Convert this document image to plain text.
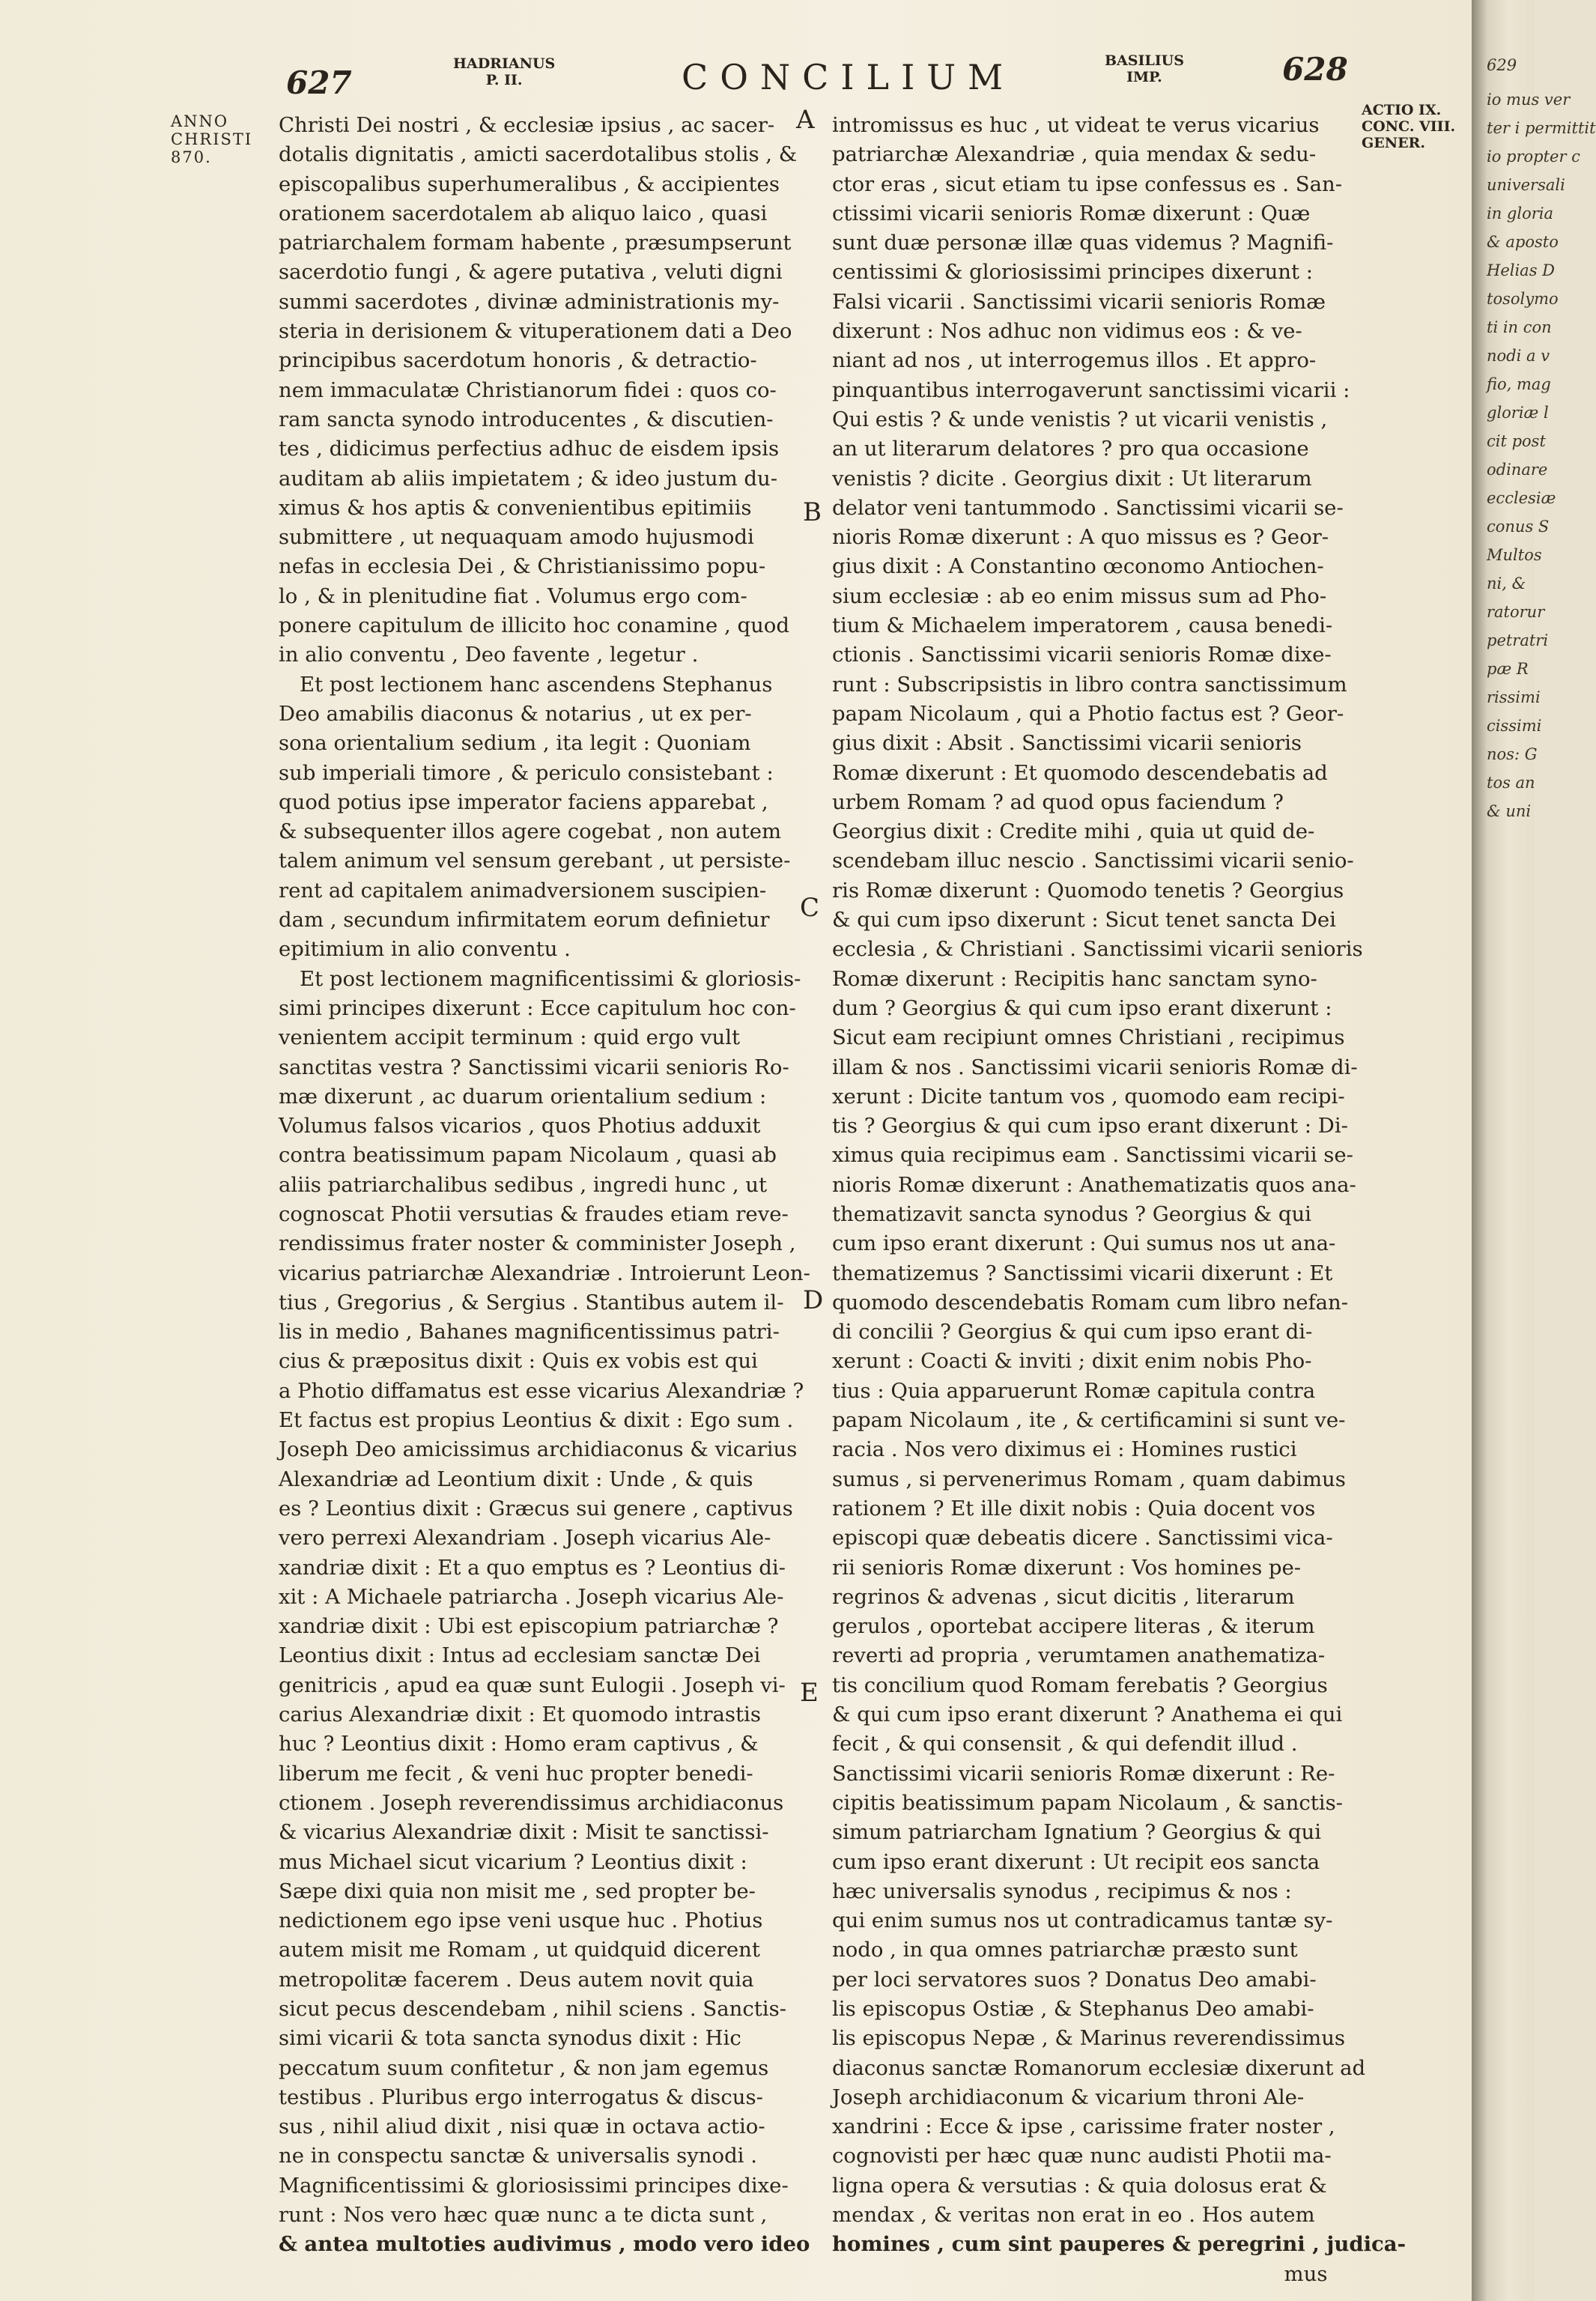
627
HADRIANUS
P. II.	CONCILIUM	BASILIUS
IMP.	628
ANNO
CHRISTI
870.
ACTIO IX.
CONC. VIII.
GENER.
A
B
C
D
E

Christi Dei nostri , & ecclesiæ ipsius , ac sacer-

dotalis dignitatis , amicti sacerdotalibus stolis , &

episcopalibus superhumeralibus , & accipientes

orationem sacerdotalem ab aliquo laico , quasi

patriarchalem formam habente , præsumpserunt

sacerdotio fungi , & agere putativa , veluti digni

summi sacerdotes , divinæ administrationis my-

steria in derisionem & vituperationem dati a Deo

principibus sacerdotum honoris , & detractio-

nem immaculatæ Christianorum fidei : quos co-

ram sancta synodo introducentes , & discutien-

tes , didicimus perfectius adhuc de eisdem ipsis

auditam ab aliis impietatem ; & ideo justum du-

ximus & hos aptis & convenientibus epitimiis

submittere , ut nequaquam amodo hujusmodi

nefas in ecclesia Dei , & Christianissimo popu-

lo , & in plenitudine fiat . Volumus ergo com-

ponere capitulum de illicito hoc conamine , quod

in alio conventu , Deo favente , legetur .

Et post lectionem hanc ascendens Stephanus

Deo amabilis diaconus & notarius , ut ex per-

sona orientalium sedium , ita legit : Quoniam

sub imperiali timore , & periculo consistebant :

quod potius ipse imperator faciens apparebat ,

& subsequenter illos agere cogebat , non autem

talem animum vel sensum gerebant , ut persiste-

rent ad capitalem animadversionem suscipien-

dam , secundum infirmitatem eorum definietur

epitimium in alio conventu .

Et post lectionem magnificentissimi & gloriosis-

simi principes dixerunt : Ecce capitulum hoc con-

venientem accipit terminum : quid ergo vult

sanctitas vestra ? Sanctissimi vicarii senioris Ro-

mæ dixerunt , ac duarum orientalium sedium :

Volumus falsos vicarios , quos Photius adduxit

contra beatissimum papam Nicolaum , quasi ab

aliis patriarchalibus sedibus , ingredi hunc , ut

cognoscat Photii versutias & fraudes etiam reve-

rendissimus frater noster & comminister Joseph ,

vicarius patriarchæ Alexandriæ . Introierunt Leon-

tius , Gregorius , & Sergius . Stantibus autem il-

lis in medio , Bahanes magnificentissimus patri-

cius & præpositus dixit : Quis ex vobis est qui

a Photio diffamatus est esse vicarius Alexandriæ ?

Et factus est propius Leontius & dixit : Ego sum .

Joseph Deo amicissimus archidiaconus & vicarius

Alexandriæ ad Leontium dixit : Unde , & quis

es ? Leontius dixit : Græcus sui genere , captivus

vero perrexi Alexandriam . Joseph vicarius Ale-

xandriæ dixit : Et a quo emptus es ? Leontius di-

xit : A Michaele patriarcha . Joseph vicarius Ale-

xandriæ dixit : Ubi est episcopium patriarchæ ?

Leontius dixit : Intus ad ecclesiam sanctæ Dei

genitricis , apud ea quæ sunt Eulogii . Joseph vi-

carius Alexandriæ dixit : Et quomodo intrastis

huc ? Leontius dixit : Homo eram captivus , &

liberum me fecit , & veni huc propter benedi-

ctionem . Joseph reverendissimus archidiaconus

& vicarius Alexandriæ dixit : Misit te sanctissi-

mus Michael sicut vicarium ? Leontius dixit :

Sæpe dixi quia non misit me , sed propter be-

nedictionem ego ipse veni usque huc . Photius

autem misit me Romam , ut quidquid dicerent

metropolitæ facerem . Deus autem novit quia

sicut pecus descendebam , nihil sciens . Sanctis-

simi vicarii & tota sancta synodus dixit : Hic

peccatum suum confitetur , & non jam egemus

testibus . Pluribus ergo interrogatus & discus-

sus , nihil aliud dixit , nisi quæ in octava actio-

ne in conspectu sanctæ & universalis synodi .

Magnificentissimi & gloriosissimi principes dixe-

runt : Nos vero hæc quæ nunc a te dicta sunt ,

& antea multoties audivimus , modo vero ideo

intromissus es huc , ut videat te verus vicarius

patriarchæ Alexandriæ , quia mendax & sedu-

ctor eras , sicut etiam tu ipse confessus es . San-

ctissimi vicarii senioris Romæ dixerunt : Quæ

sunt duæ personæ illæ quas videmus ? Magnifi-

centissimi & gloriosissimi principes dixerunt :

Falsi vicarii . Sanctissimi vicarii senioris Romæ

dixerunt : Nos adhuc non vidimus eos : & ve-

niant ad nos , ut interrogemus illos . Et appro-

pinquantibus interrogaverunt sanctissimi vicarii :

Qui estis ? & unde venistis ? ut vicarii venistis ,

an ut literarum delatores ? pro qua occasione

venistis ? dicite . Georgius dixit : Ut literarum

delator veni tantummodo . Sanctissimi vicarii se-

nioris Romæ dixerunt : A quo missus es ? Geor-

gius dixit : A Constantino œconomo Antiochen-

sium ecclesiæ : ab eo enim missus sum ad Pho-

tium & Michaelem imperatorem , causa benedi-

ctionis . Sanctissimi vicarii senioris Romæ dixe-

runt : Subscripsistis in libro contra sanctissimum

papam Nicolaum , qui a Photio factus est ? Geor-

gius dixit : Absit . Sanctissimi vicarii senioris

Romæ dixerunt : Et quomodo descendebatis ad

urbem Romam ? ad quod opus faciendum ?

Georgius dixit : Credite mihi , quia ut quid de-

scendebam illuc nescio . Sanctissimi vicarii senio-

ris Romæ dixerunt : Quomodo tenetis ? Georgius

& qui cum ipso dixerunt : Sicut tenet sancta Dei

ecclesia , & Christiani . Sanctissimi vicarii senioris

Romæ dixerunt : Recipitis hanc sanctam syno-

dum ? Georgius & qui cum ipso erant dixerunt :

Sicut eam recipiunt omnes Christiani , recipimus

illam & nos . Sanctissimi vicarii senioris Romæ di-

xerunt : Dicite tantum vos , quomodo eam recipi-

tis ? Georgius & qui cum ipso erant dixerunt : Di-

ximus quia recipimus eam . Sanctissimi vicarii se-

nioris Romæ dixerunt : Anathematizatis quos ana-

thematizavit sancta synodus ? Georgius & qui

cum ipso erant dixerunt : Qui sumus nos ut ana-

thematizemus ? Sanctissimi vicarii dixerunt : Et

quomodo descendebatis Romam cum libro nefan-

di concilii ? Georgius & qui cum ipso erant di-

xerunt : Coacti & inviti ; dixit enim nobis Pho-

tius : Quia apparuerunt Romæ capitula contra

papam Nicolaum , ite , & certificamini si sunt ve-

racia . Nos vero diximus ei : Homines rustici

sumus , si pervenerimus Romam , quam dabimus

rationem ? Et ille dixit nobis : Quia docent vos

episcopi quæ debeatis dicere . Sanctissimi vica-

rii senioris Romæ dixerunt : Vos homines pe-

regrinos & advenas , sicut dicitis , literarum

gerulos , oportebat accipere literas , & iterum

reverti ad propria , verumtamen anathematiza-

tis concilium quod Romam ferebatis ? Georgius

& qui cum ipso erant dixerunt ? Anathema ei qui

fecit , & qui consensit , & qui defendit illud .

Sanctissimi vicarii senioris Romæ dixerunt : Re-

cipitis beatissimum papam Nicolaum , & sanctis-

simum patriarcham Ignatium ? Georgius & qui

cum ipso erant dixerunt : Ut recipit eos sancta

hæc universalis synodus , recipimus & nos :

qui enim sumus nos ut contradicamus tantæ sy-

nodo , in qua omnes patriarchæ præsto sunt

per loci servatores suos ? Donatus Deo amabi-

lis episcopus Ostiæ , & Stephanus Deo amabi-

lis episcopus Nepæ , & Marinus reverendissimus

diaconus sanctæ Romanorum ecclesiæ dixerunt ad

Joseph archidiaconum & vicarium throni Ale-

xandrini : Ecce & ipse , carissime frater noster ,

cognovisti per hæc quæ nunc audisti Photii ma-

ligna opera & versutias : & quia dolosus erat &

mendax , & veritas non erat in eo . Hos autem

homines , cum sint pauperes & peregrini , judica-

mus

629
io mus ver
ter i permittit
io propter c
universali
in gloria
& aposto
Helias D
tosolymo
ti in con
nodi a v
fio, mag
gloriæ l
cit post
odinare
ecclesiæ
conus S
Multos
ni, &
ratorur
petratri
pæ R
rissimi
cissimi
nos: G
tos an
& uni
